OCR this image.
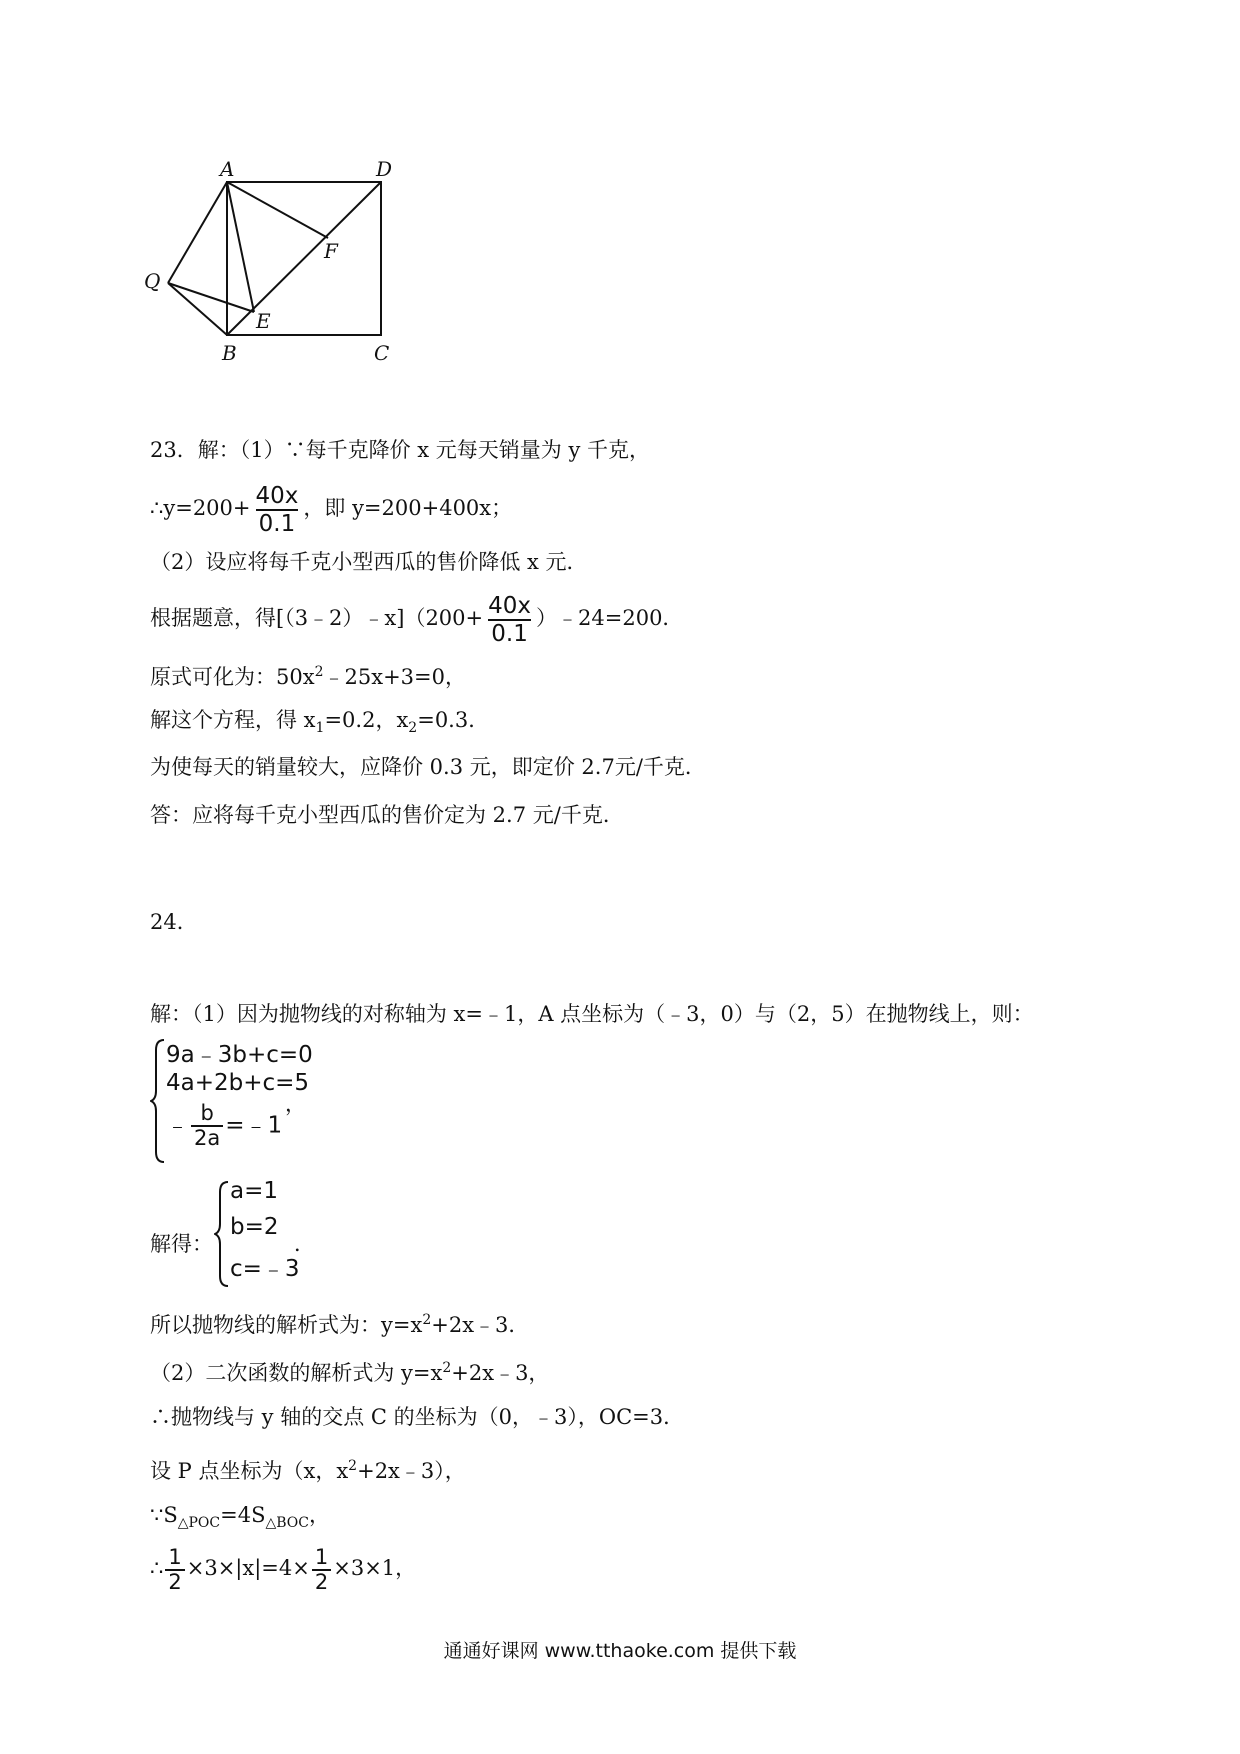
A	D
Q
F
E
B	C
23．解：（1）∵每千克降价 x 元每天销量为 y 千克，
∴y=200+ $\frac{40x}{0.1}$ ，即 y=200+400x；
（2）设应将每千克小型西瓜的售价降低 x 元．
根据题意，得[（3﹣2）﹣x]（200+ $\frac{40x}{0.1}$ ）﹣24=200．
原式可化为：$50x^2﹣25x+3=0$，
解这个方程，得 $x_1=0.2$，$x_2=0.3$．
为使每天的销量较大，应降价 0.3 元，即定价 2.7元/千克．
答：应将每千克小型西瓜的售价定为 2.7 元/千克．
24．
解：（1）因为抛物线的对称轴为 x=﹣1，A 点坐标为（﹣3，0）与（2，5）在抛物线上，则：
9a﹣3b+c=0
4a+2b+c=5
﹣ $\frac{b}{2a}$ =﹣1
，
解得：
a=1
b=2
c=﹣3
．
所以抛物线的解析式为：$y=x^2+2x﹣3$．
（2）二次函数的解析式为 $y=x^2+2x﹣3$，
∴抛物线与 y 轴的交点 C 的坐标为（0，﹣3），OC=3．
设 P 点坐标为（x，$x^2+2x﹣3$），
$\because S_{\triangle POC}=4S_{\triangle BOC}$，
∴ $\frac{1}{2} \times 3\times|x|=4\times \frac{1}{2} \times 3\times 1$，
通通好课网 www.tthaoke.com 提供下载
